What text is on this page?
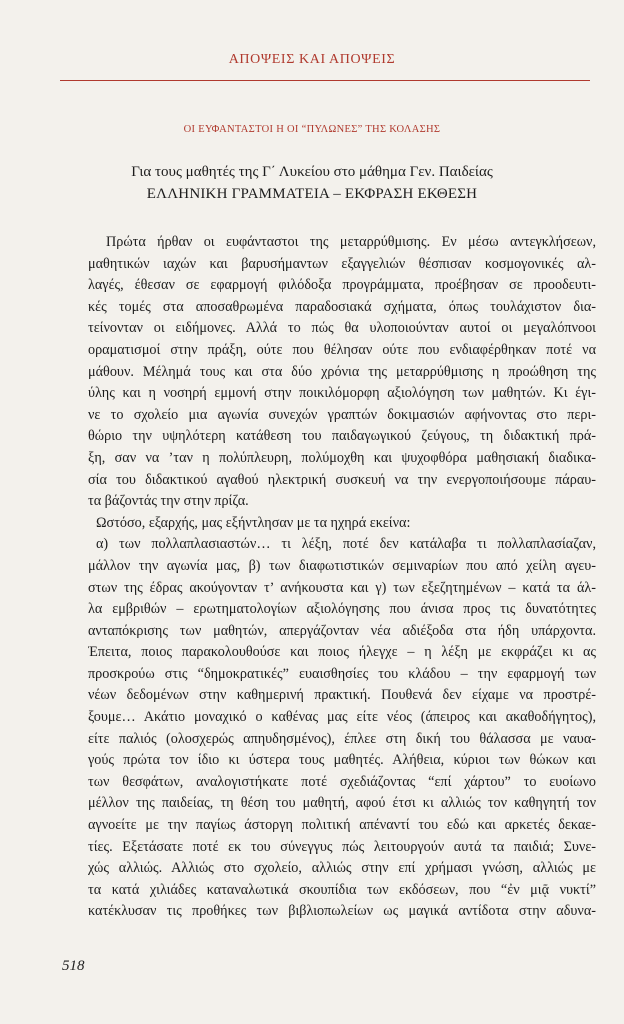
ΑΠΟΨΕΙΣ ΚΑΙ ΑΠΟΨΕΙΣ
ΟΙ ΕΥΦΑΝΤΑΣΤΟΙ Η ΟΙ “ΠΥΛΩΝΕΣ” ΤΗΣ ΚΟΛΑΣΗΣ
Για τους μαθητές της Γ΄ Λυκείου στο μάθημα Γεν. Παιδείας
ΕΛΛΗΝΙΚΗ ΓΡΑΜΜΑΤΕΙΑ – ΕΚΦΡΑΣΗ ΕΚΘΕΣΗ
Πρώτα ήρθαν οι ευφάνταστοι της μεταρρύθμισης. Εν μέσω αντεγκλήσεων,
μαθητικών ιαχών και βαρυσήμαντων εξαγγελιών θέσπισαν κοσμογονικές αλ-
λαγές, έθεσαν σε εφαρμογή φιλόδοξα προγράμματα, προέβησαν σε προοδευτι-
κές τομές στα αποσαθρωμένα παραδοσιακά σχήματα, όπως τουλάχιστον δια-
τείνονταν οι ειδήμονες. Αλλά το πώς θα υλοποιούνταν αυτοί οι μεγαλόπνοοι
οραματισμοί στην πράξη, ούτε που θέλησαν ούτε που ενδιαφέρθηκαν ποτέ να
μάθουν. Μέλημά τους και στα δύο χρόνια της μεταρρύθμισης η προώθηση της
ύλης και η νοσηρή εμμονή στην ποικιλόμορφη αξιολόγηση των μαθητών. Κι έγι-
νε το σχολείο μια αγωνία συνεχών γραπτών δοκιμασιών αφήνοντας στο περι-
θώριο την υψηλότερη κατάθεση του παιδαγωγικού ζεύγους, τη διδακτική πρά-
ξη, σαν να ’ταν η πολύπλευρη, πολύμοχθη και ψυχοφθόρα μαθησιακή διαδικα-
σία του διδακτικού αγαθού ηλεκτρική συσκευή να την ενεργοποιήσουμε πάραυ-
τα βάζοντάς την στην πρίζα.
Ωστόσο, εξαρχής, μας εξήντλησαν με τα ηχηρά εκείνα:
α) των πολλαπλασιαστών… τι λέξη, ποτέ δεν κατάλαβα τι πολλαπλασίαζαν,
μάλλον την αγωνία μας, β) των διαφωτιστικών σεμιναρίων που από χείλη αγευ-
στων της έδρας ακούγονταν τ’ ανήκουστα και γ) των εξεζητημένων – κατά τα άλ-
λα εμβριθών – ερωτηματολογίων αξιολόγησης που άνισα προς τις δυνατότητες
ανταπόκρισης των μαθητών, απεργάζονταν νέα αδιέξοδα στα ήδη υπάρχοντα.
Έπειτα, ποιος παρακολουθούσε και ποιος ήλεγχε – η λέξη με εκφράζει κι ας
προσκρούω στις “δημοκρατικές” ευαισθησίες του κλάδου – την εφαρμογή των
νέων δεδομένων στην καθημερινή πρακτική. Πουθενά δεν είχαμε να προστρέ-
ξουμε… Ακάτιο μοναχικό ο καθένας μας είτε νέος (άπειρος και ακαθοδήγητος),
είτε παλιός (ολοσχερώς απηυδησμένος), έπλεε στη δική του θάλασσα με ναυα-
γούς πρώτα τον ίδιο κι ύστερα τους μαθητές. Αλήθεια, κύριοι των θώκων και
των θεσφάτων, αναλογιστήκατε ποτέ σχεδιάζοντας “επί χάρτου” το ευοίωνο
μέλλον της παιδείας, τη θέση του μαθητή, αφού έτσι κι αλλιώς τον καθηγητή τον
αγνοείτε με την παγίως άστοργη πολιτική απέναντί του εδώ και αρκετές δεκαε-
τίες. Εξετάσατε ποτέ εκ του σύνεγγυς πώς λειτουργούν αυτά τα παιδιά; Συνε-
χώς αλλιώς. Αλλιώς στο σχολείο, αλλιώς στην επί χρήμασι γνώση, αλλιώς με
τα κατά χιλιάδες καταναλωτικά σκουπίδια των εκδόσεων, που “ἐν μιᾷ νυκτί”
κατέκλυσαν τις προθήκες των βιβλιοπωλείων ως μαγικά αντίδοτα στην αδυνα-
518
